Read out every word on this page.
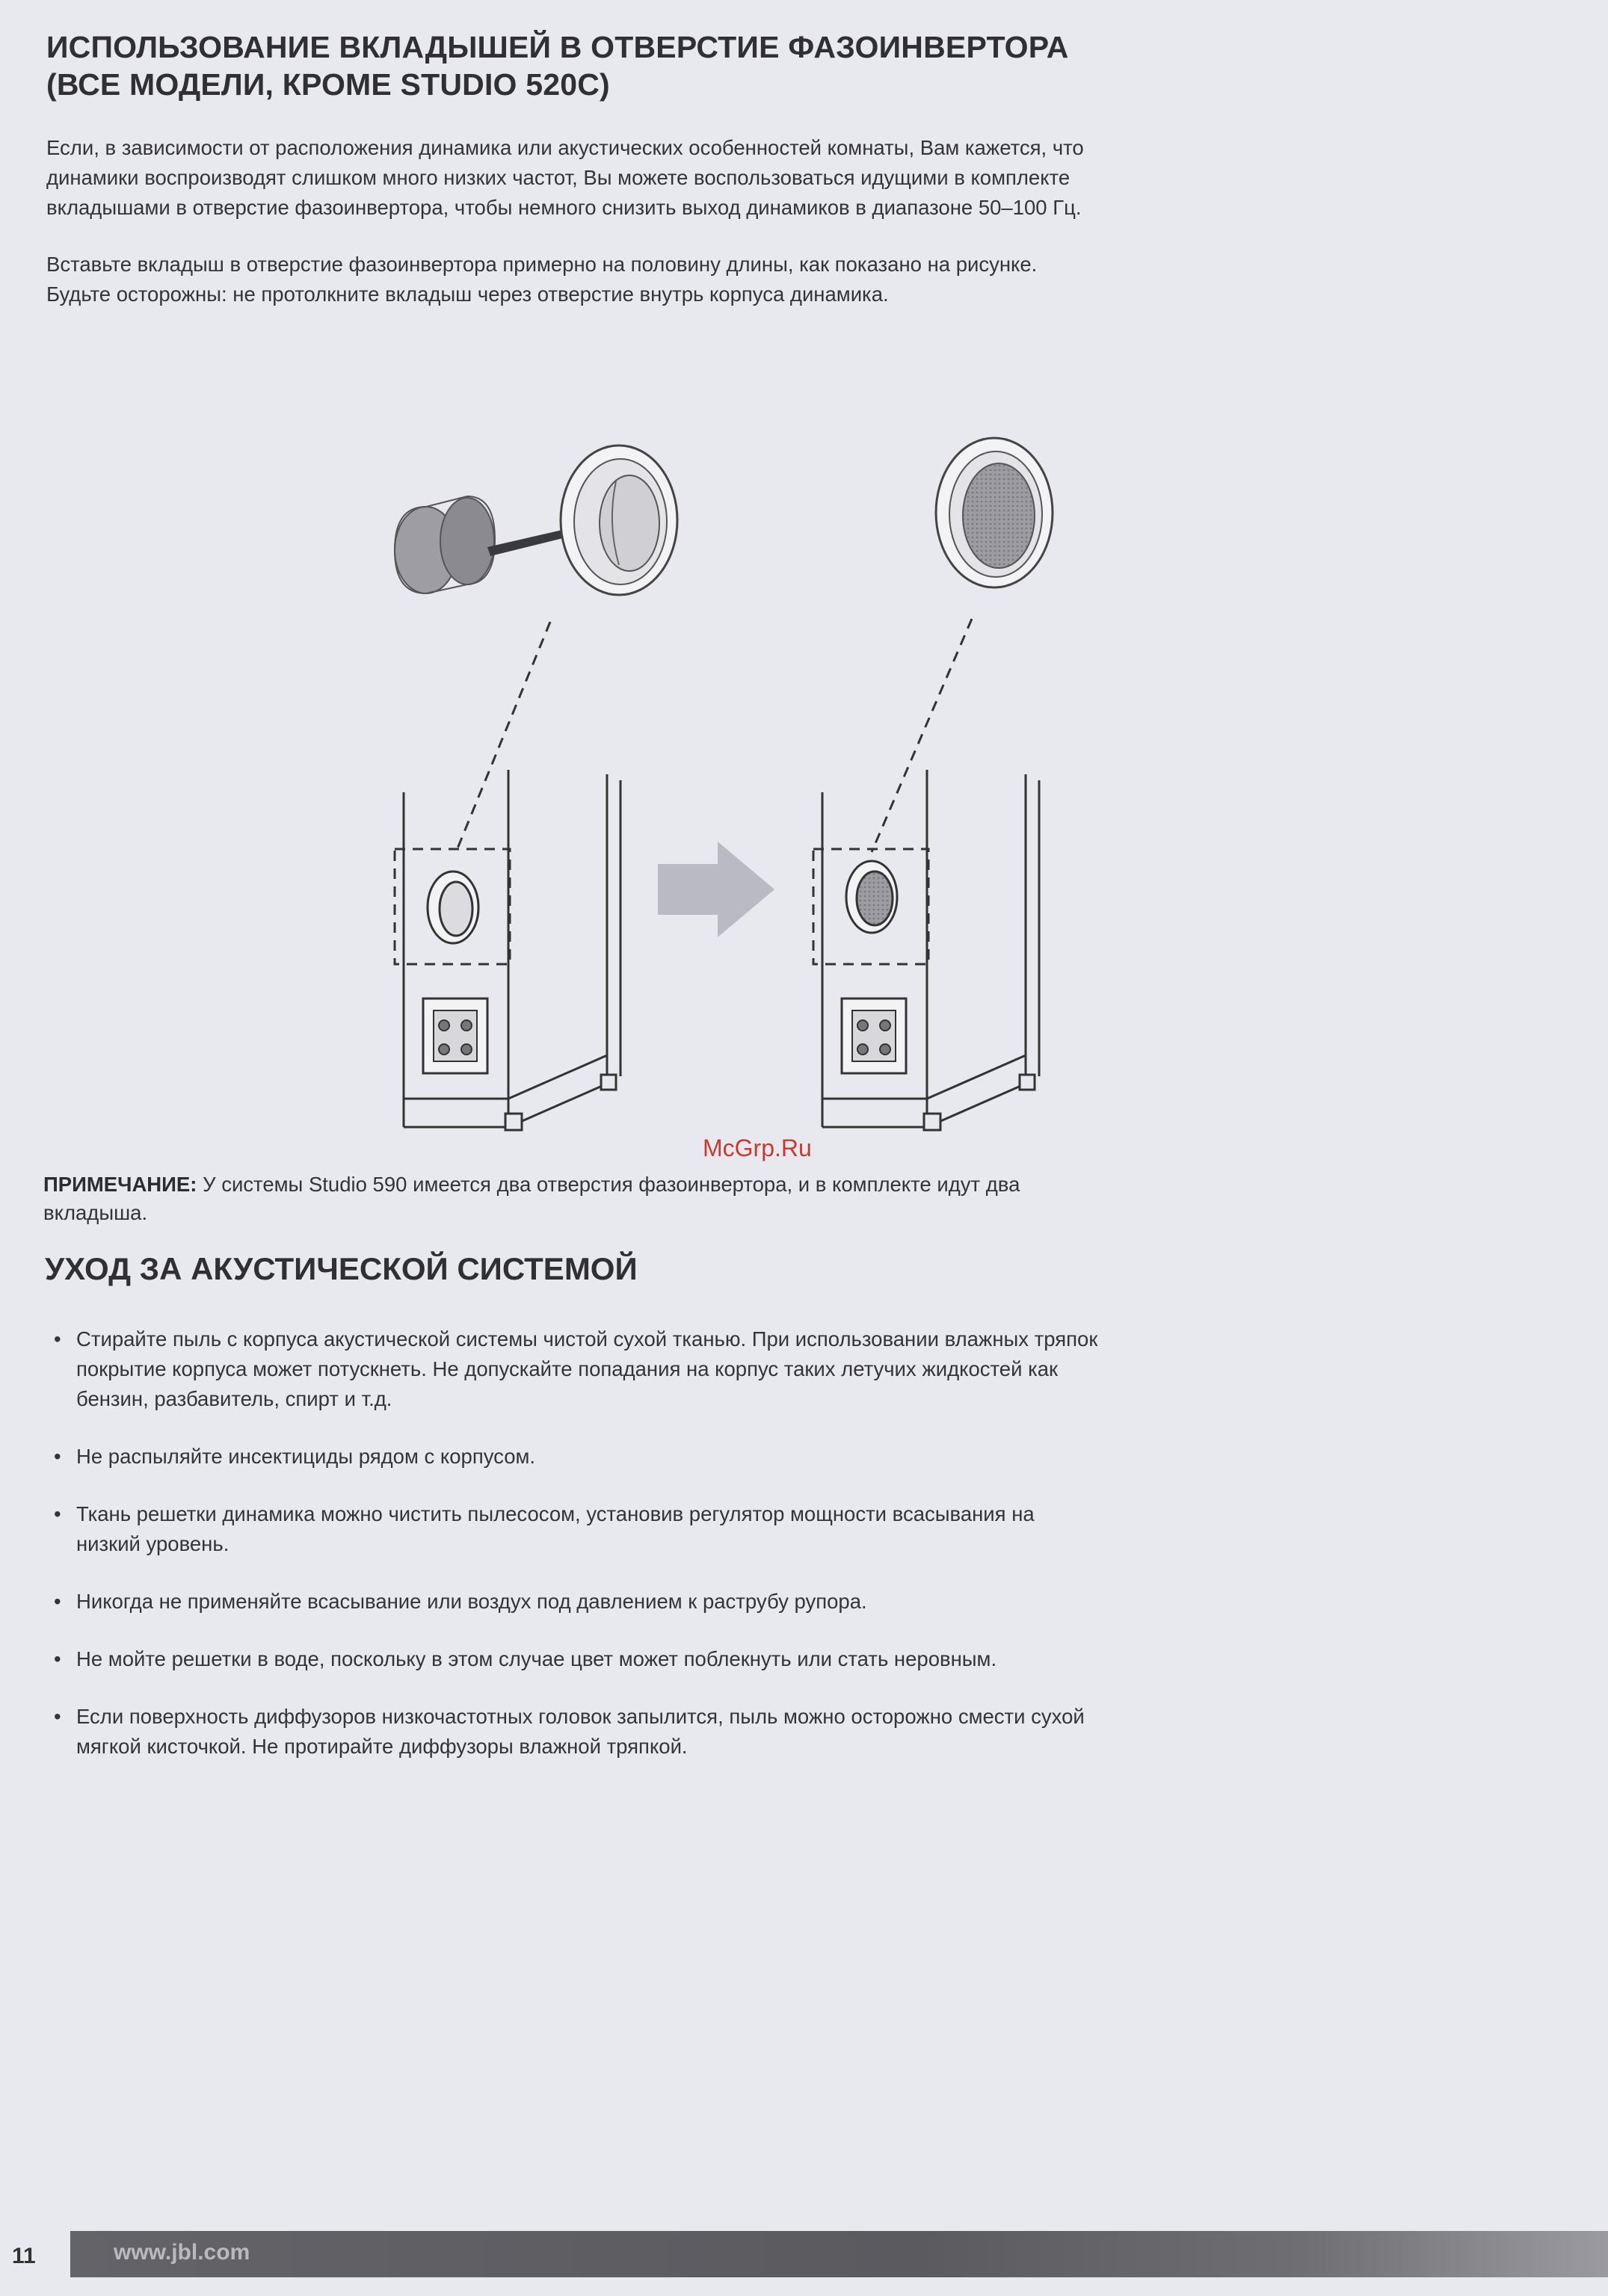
ИСПОЛЬЗОВАНИЕ ВКЛАДЫШЕЙ В ОТВЕРСТИЕ ФАЗОИНВЕРТОРА
(ВСЕ МОДЕЛИ, КРОМЕ STUDIO 520C)
Если, в зависимости от расположения динамика или акустических особенностей комнаты, Вам кажется, что
динамики воспроизводят слишком много низких частот, Вы можете воспользоваться идущими в комплекте
вкладышами в отверстие фазоинвертора, чтобы немного снизить выход динамиков в диапазоне 50–100 Гц.
Вставьте вкладыш в отверстие фазоинвертора примерно на половину длины, как показано на рисунке.
Будьте осторожны: не протолкните вкладыш через отверстие внутрь корпуса динамика.
McGrp.Ru
ПРИМЕЧАНИЕ: У системы Studio 590 имеется два отверстия фазоинвертора, и в комплекте идут два
вкладыша.
УХОД ЗА АКУСТИЧЕСКОЙ СИСТЕМОЙ
• Стирайте пыль с корпуса акустической системы чистой сухой тканью. При использовании влажных тряпок
покрытие корпуса может потускнеть. Не допускайте попадания на корпус таких летучих жидкостей как
бензин, разбавитель, спирт и т.д.
• Не распыляйте инсектициды рядом с корпусом.
• Ткань решетки динамика можно чистить пылесосом, установив регулятор мощности всасывания на
низкий уровень.
• Никогда не применяйте всасывание или воздух под давлением к раструбу рупора.
• Не мойте решетки в воде, поскольку в этом случае цвет может поблекнуть или стать неровным.
• Если поверхность диффузоров низкочастотных головок запылится, пыль можно осторожно смести сухой
мягкой кисточкой. Не протирайте диффузоры влажной тряпкой.
11	www.jbl.com
